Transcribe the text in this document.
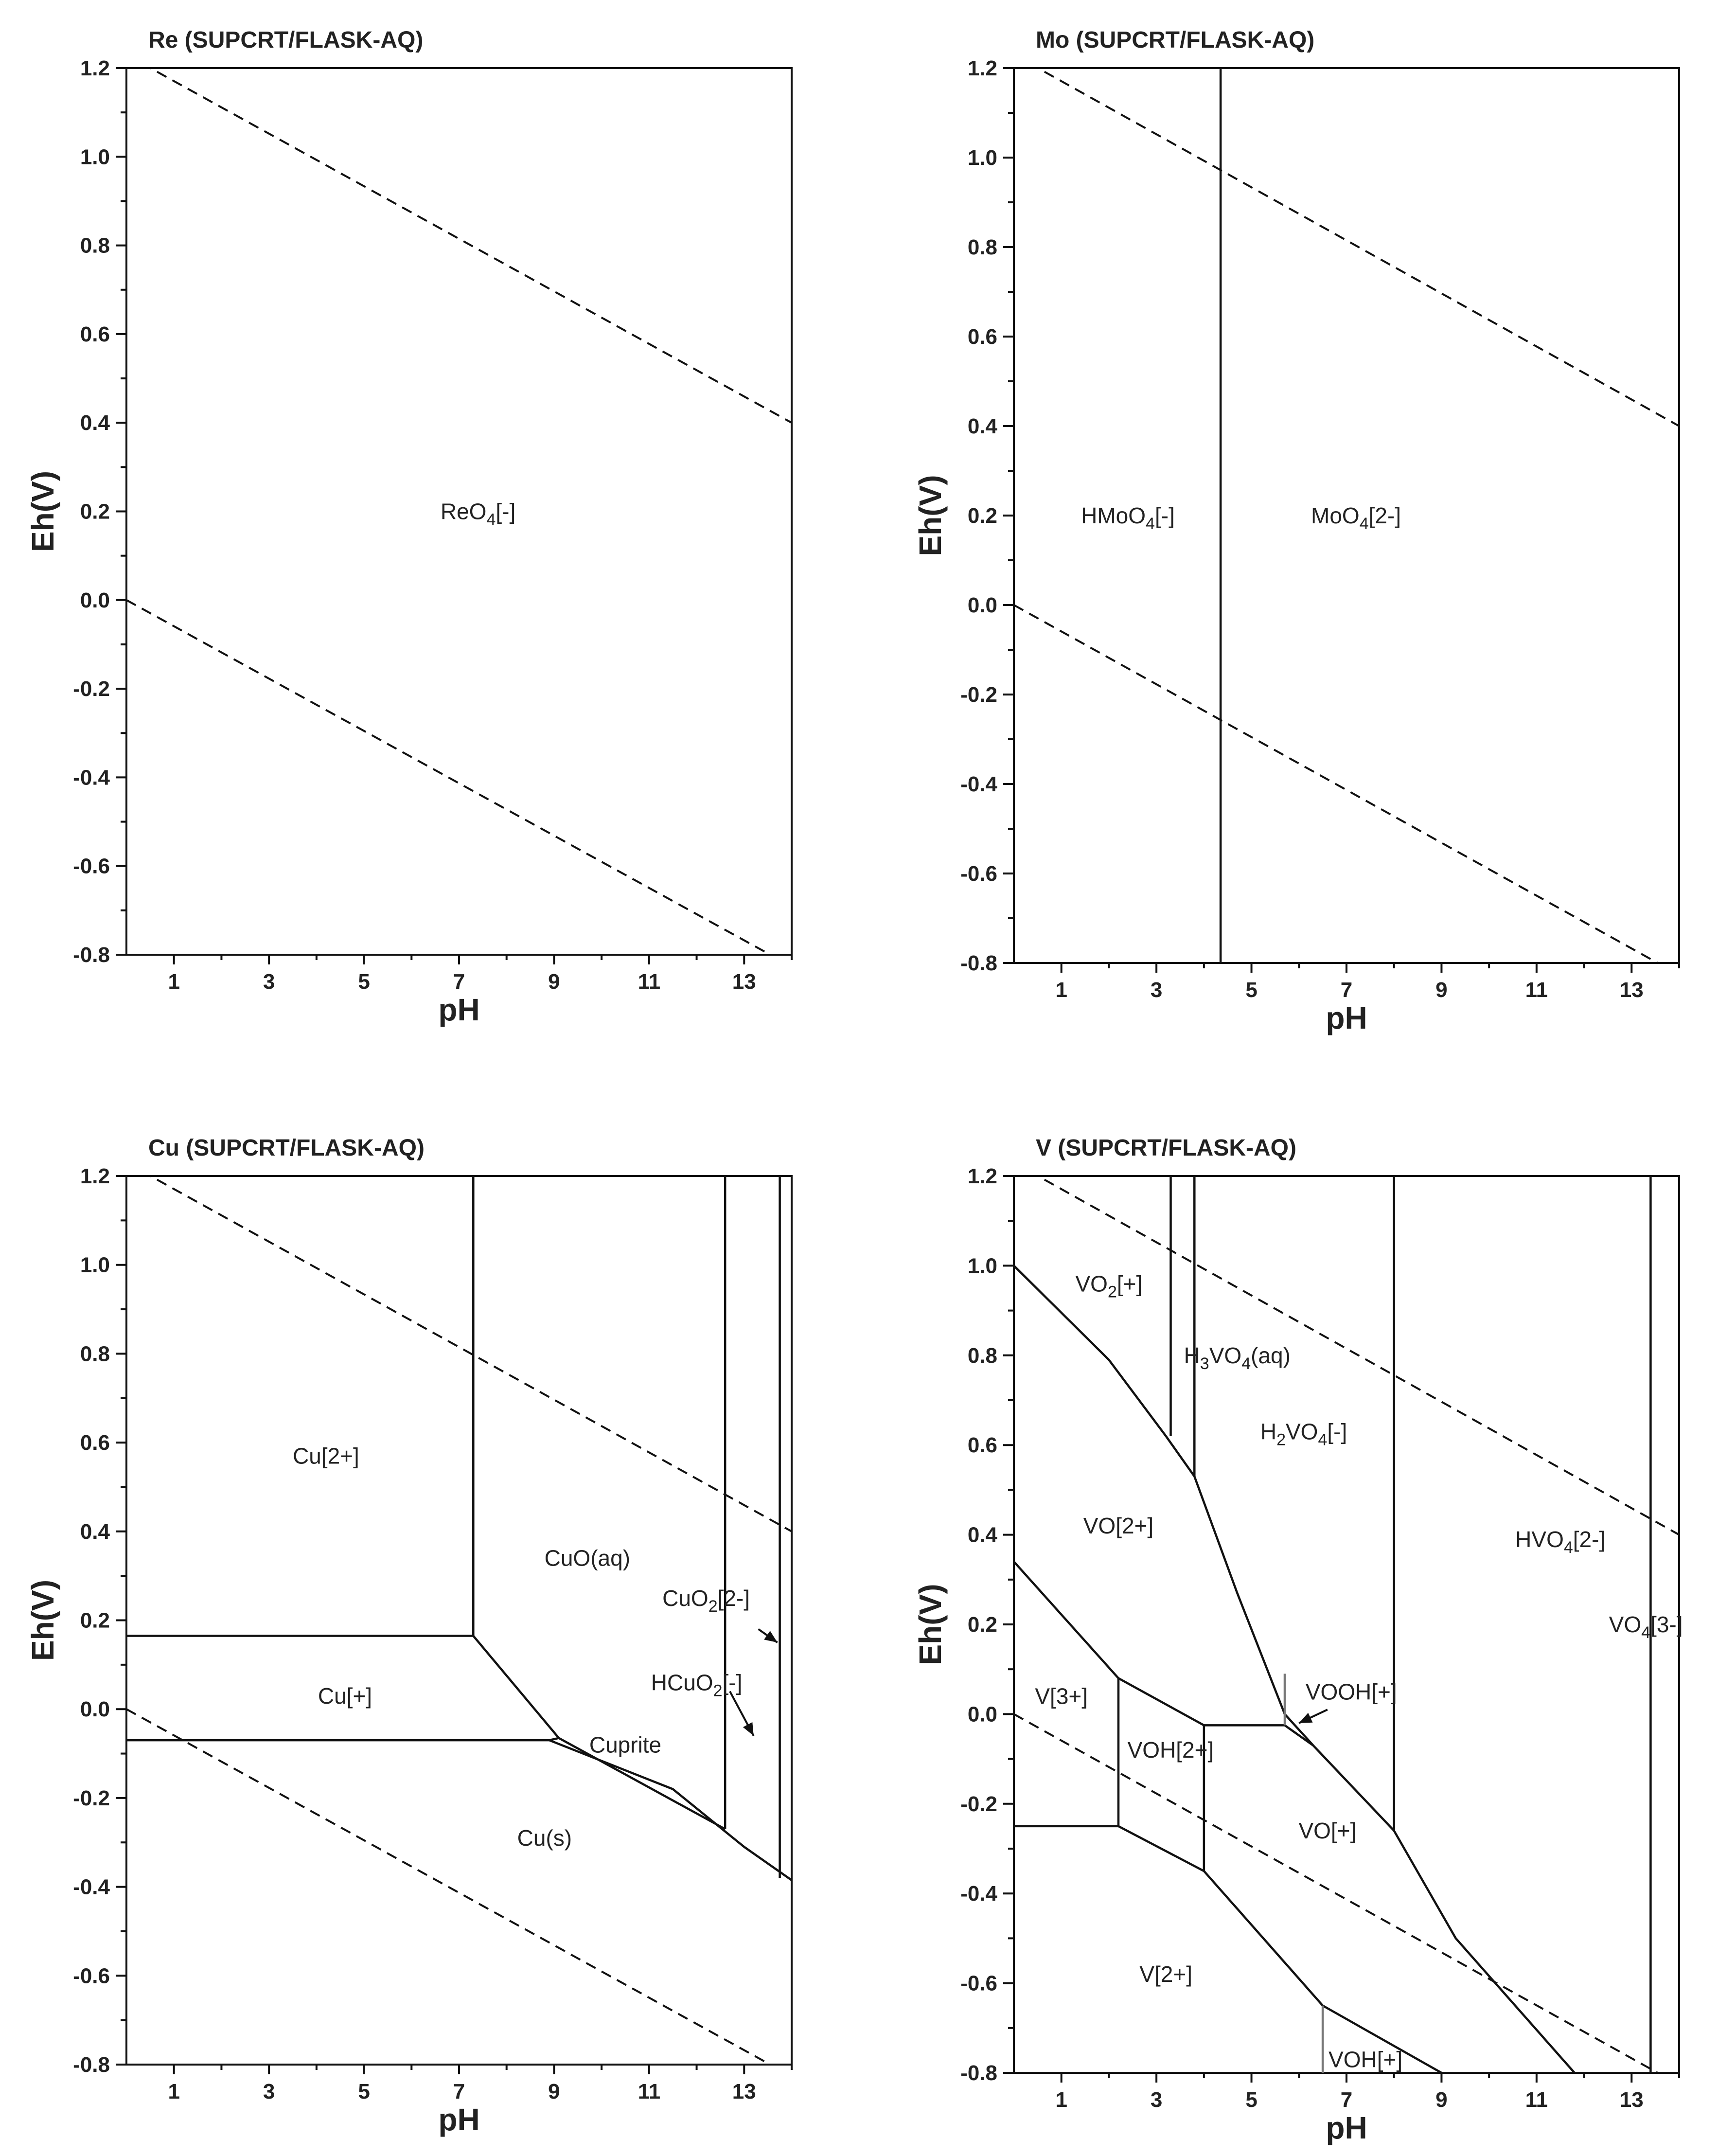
Re (SUPCRT/FLASK-AQ)
-0.8
-0.6
-0.4
-0.2
0.0
0.2
0.4
0.6
0.8
1.0
1.2
1	3	5	7	9	11	13
pH
Eh(V)	ReO$_4$[-]
Mo (SUPCRT/FLASK-AQ)
-0.8
-0.6
-0.4
-0.2
0.0
0.2
0.4
0.6
0.8
1.0
1.2
1	3	5	7	9	11	13
pH
Eh(V)	HMoO$_4$[-]	MoO$_4$[2-]
Cu (SUPCRT/FLASK-AQ)
-0.8
-0.6
-0.4
-0.2
0.0
0.2
0.4
0.6
0.8
1.0
1.2
1	3	5	7	9	11	13
pH
Eh(V)
Cu[2+]
CuO(aq)
Cu[+]
Cuprite
Cu(s)
CuO$_2$[2-]
HCuO$_2$[-]
V (SUPCRT/FLASK-AQ)
-0.8
-0.6
-0.4
-0.2
0.0
0.2
0.4
0.6
0.8
1.0
1.2
1	3	5	7	9	11	13
pH
Eh(V)
$VO_2[+]$
$H_3VO_4(aq)$
$H_2VO_4[-]$
VO[2+]
$HVO_4[2-]$
$VO_4[3-]$
V[3+]	VOOH[+]
VOH[2+]
VO[+]
V[2+]
VOH[+]
